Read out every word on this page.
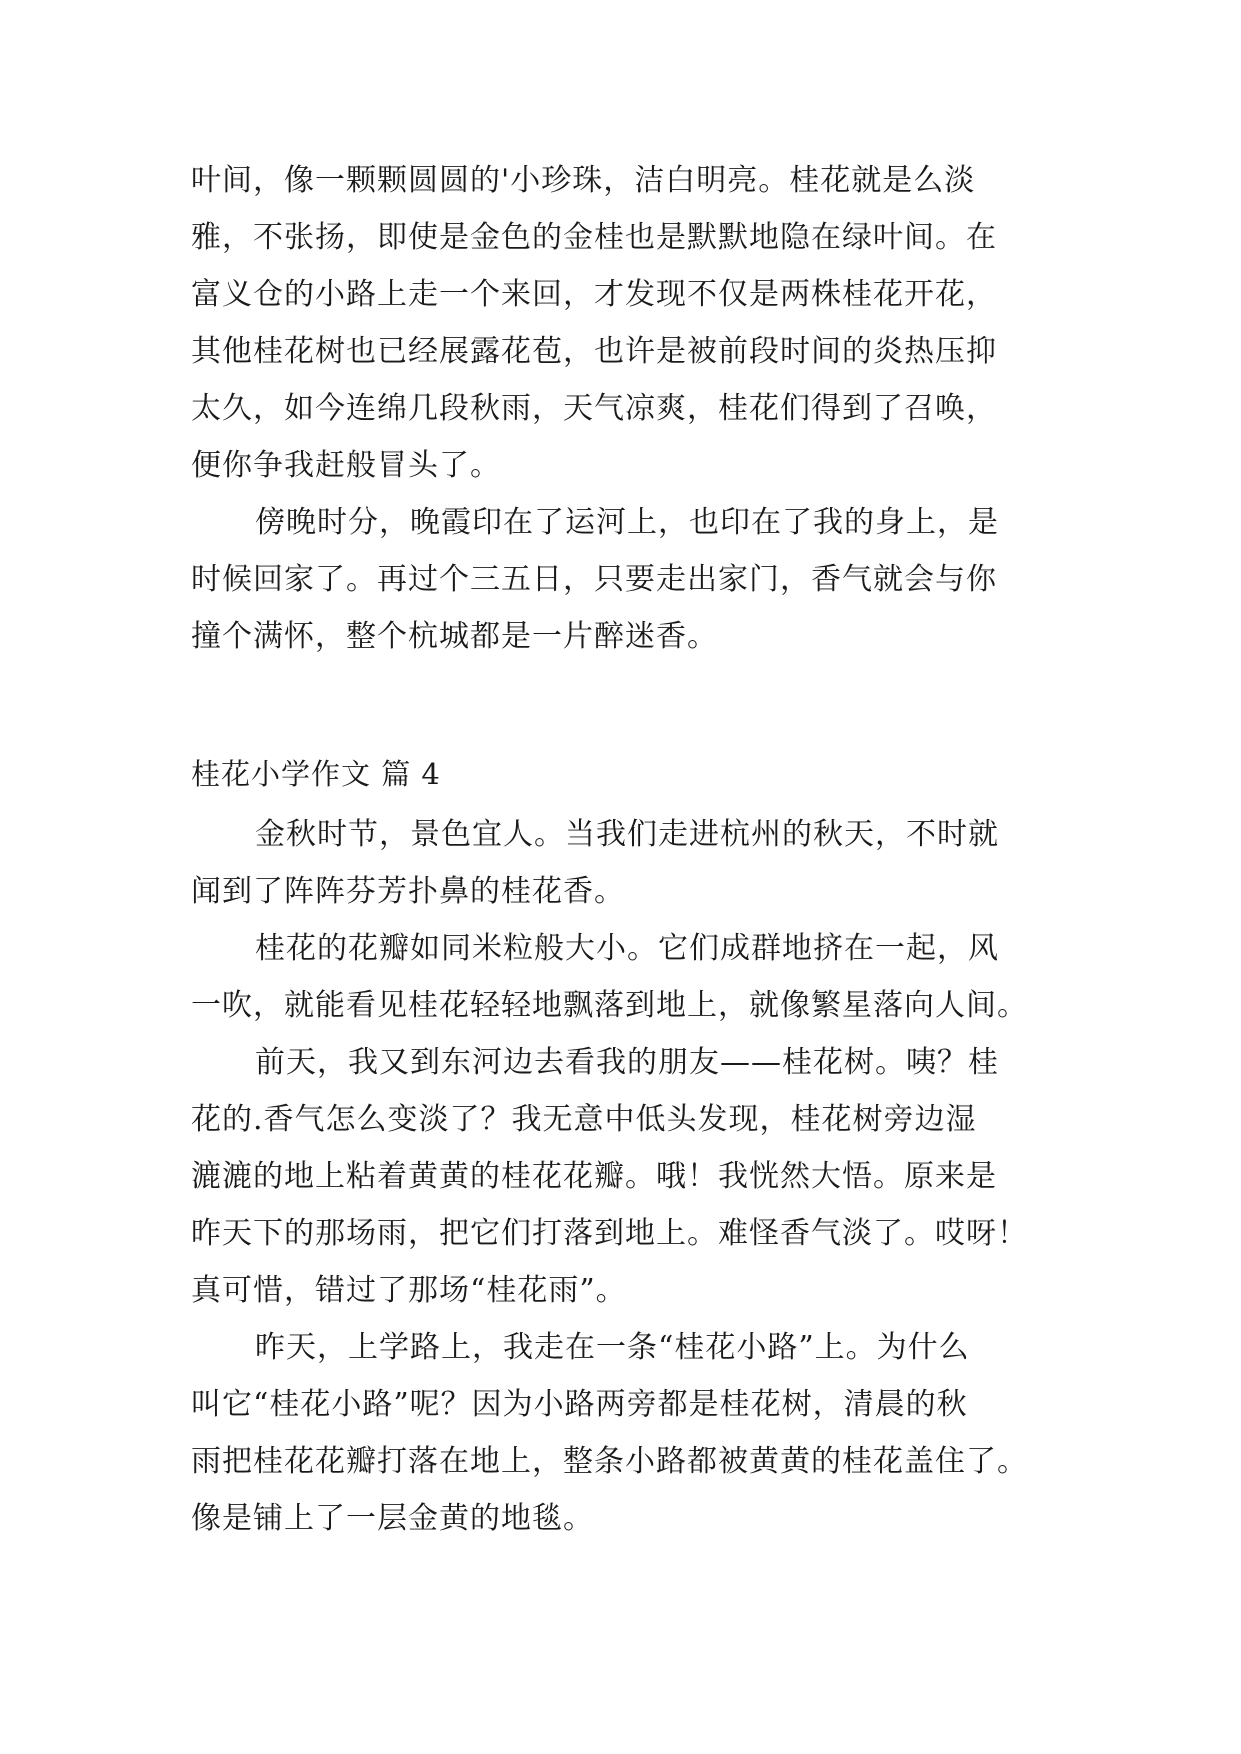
叶间，像一颗颗圆圆的'小珍珠，洁白明亮。桂花就是么淡
雅，不张扬，即使是金色的金桂也是默默地隐在绿叶间。在
富义仓的小路上走一个来回，才发现不仅是两株桂花开花，
其他桂花树也已经展露花苞，也许是被前段时间的炎热压抑
太久，如今连绵几段秋雨，天气凉爽，桂花们得到了召唤，
便你争我赶般冒头了。
傍晚时分，晚霞印在了运河上，也印在了我的身上，是
时候回家了。再过个三五日，只要走出家门，香气就会与你
撞个满怀，整个杭城都是一片醉迷香。
桂花小学作文 篇 4
金秋时节，景色宜人。当我们走进杭州的秋天，不时就
闻到了阵阵芬芳扑鼻的桂花香。
桂花的花瓣如同米粒般大小。它们成群地挤在一起，风
一吹，就能看见桂花轻轻地飘落到地上，就像繁星落向人间。
前天，我又到东河边去看我的朋友——桂花树。咦？桂
花的.香气怎么变淡了？我无意中低头发现，桂花树旁边湿
漉漉的地上粘着黄黄的桂花花瓣。哦！我恍然大悟。原来是
昨天下的那场雨，把它们打落到地上。难怪香气淡了。哎呀！
真可惜，错过了那场“桂花雨”。
昨天，上学路上，我走在一条“桂花小路”上。为什么
叫它“桂花小路”呢？因为小路两旁都是桂花树，清晨的秋
雨把桂花花瓣打落在地上，整条小路都被黄黄的桂花盖住了。
像是铺上了一层金黄的地毯。
